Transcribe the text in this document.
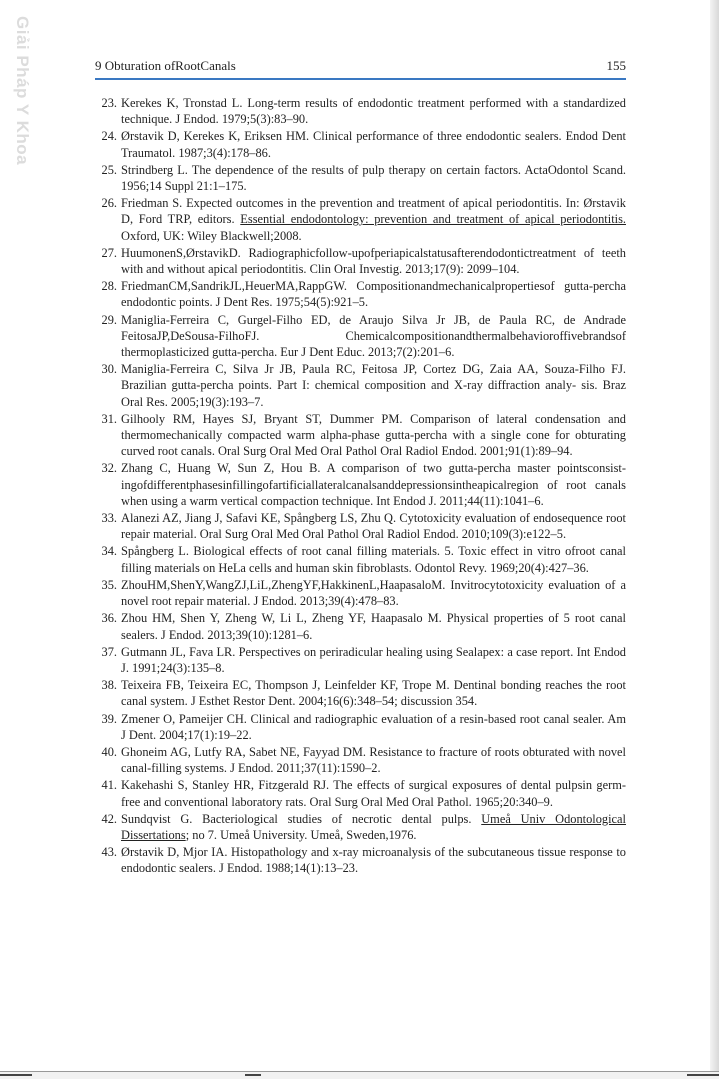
Giải Pháp Y Khoa	9 Obturation ofRootCanals	155
23. Kerekes K, Tronstad L. Long-term results of endodontic treatment performed with a standardized technique. J Endod. 1979;5(3):83–90.
24. Ørstavik D, Kerekes K, Eriksen HM. Clinical performance of three endodontic sealers. Endod Dent Traumatol. 1987;3(4):178–86.
25. Strindberg L. The dependence of the results of pulp therapy on certain factors. ActaOdontol Scand. 1956;14 Suppl 21:1–175.
26. Friedman S. Expected outcomes in the prevention and treatment of apical periodontitis. In: Ørstavik D, Ford TRP, editors. Essential endodontology: prevention and treatment of apical periodontitis. Oxford, UK: Wiley Blackwell;2008.
27. HuumonenS,ØrstavikD. Radiographicfollow-upofperiapicalstatusafterendodontictreatment of teeth with and without apical periodontitis. Clin Oral Investig. 2013;17(9): 2099–104.
28. FriedmanCM,SandrikJL,HeuerMA,RappGW. Compositionandmechanicalpropertiesof gutta-percha endodontic points. J Dent Res. 1975;54(5):921–5.
29. Maniglia-Ferreira C, Gurgel-Filho ED, de Araujo Silva Jr JB, de Paula RC, de Andrade FeitosaJP,DeSousa-FilhoFJ. Chemicalcompositionandthermalbehavioroffivebrandsof thermoplasticized gutta-percha. Eur J Dent Educ. 2013;7(2):201–6.
30. Maniglia-Ferreira C, Silva Jr JB, Paula RC, Feitosa JP, Cortez DG, Zaia AA, Souza-Filho FJ. Brazilian gutta-percha points. Part I: chemical composition and X-ray diffraction analy- sis. Braz Oral Res. 2005;19(3):193–7.
31. Gilhooly RM, Hayes SJ, Bryant ST, Dummer PM. Comparison of lateral condensation and thermomechanically compacted warm alpha-phase gutta-percha with a single cone for obturating curved root canals. Oral Surg Oral Med Oral Pathol Oral Radiol Endod. 2001;91(1):89–94.
32. Zhang C, Huang W, Sun Z, Hou B. A comparison of two gutta-percha master pointsconsistingofdifferentphasesinfillingofartificiallateralcanalsanddepressionsintheapicalregion of root canals when using a warm vertical compaction technique. Int Endod J. 2011;44(11):1041–6.
33. Alanezi AZ, Jiang J, Safavi KE, Spångberg LS, Zhu Q. Cytotoxicity evaluation of endosequence root repair material. Oral Surg Oral Med Oral Pathol Oral Radiol Endod. 2010;109(3):e122–5.
34. Spångberg L. Biological effects of root canal filling materials. 5. Toxic effect in vitro ofroot canal filling materials on HeLa cells and human skin fibroblasts. Odontol Revy. 1969;20(4):427–36.
35. ZhouHM,ShenY,WangZJ,LiL,ZhengYF,HakkinenL,HaapasaloM. Invitrocytotoxicity evaluation of a novel root repair material. J Endod. 2013;39(4):478–83.
36. Zhou HM, Shen Y, Zheng W, Li L, Zheng YF, Haapasalo M. Physical properties of 5 root canal sealers. J Endod. 2013;39(10):1281–6.
37. Gutmann JL, Fava LR. Perspectives on periradicular healing using Sealapex: a case report. Int Endod J. 1991;24(3):135–8.
38. Teixeira FB, Teixeira EC, Thompson J, Leinfelder KF, Trope M. Dentinal bonding reaches the root canal system. J Esthet Restor Dent. 2004;16(6):348–54; discussion 354.
39. Zmener O, Pameijer CH. Clinical and radiographic evaluation of a resin-based root canal sealer. Am J Dent. 2004;17(1):19–22.
40. Ghoneim AG, Lutfy RA, Sabet NE, Fayyad DM. Resistance to fracture of roots obturated with novel canal-filling systems. J Endod. 2011;37(11):1590–2.
41. Kakehashi S, Stanley HR, Fitzgerald RJ. The effects of surgical exposures of dental pulpsin germ-free and conventional laboratory rats. Oral Surg Oral Med Oral Pathol. 1965;20:340–9.
42. Sundqvist G. Bacteriological studies of necrotic dental pulps. Umeå Univ Odontological Dissertations; no 7. Umeå University. Umeå, Sweden,1976.
43. Ørstavik D, Mjor IA. Histopathology and x-ray microanalysis of the subcutaneous tissue response to endodontic sealers. J Endod. 1988;14(1):13–23.
